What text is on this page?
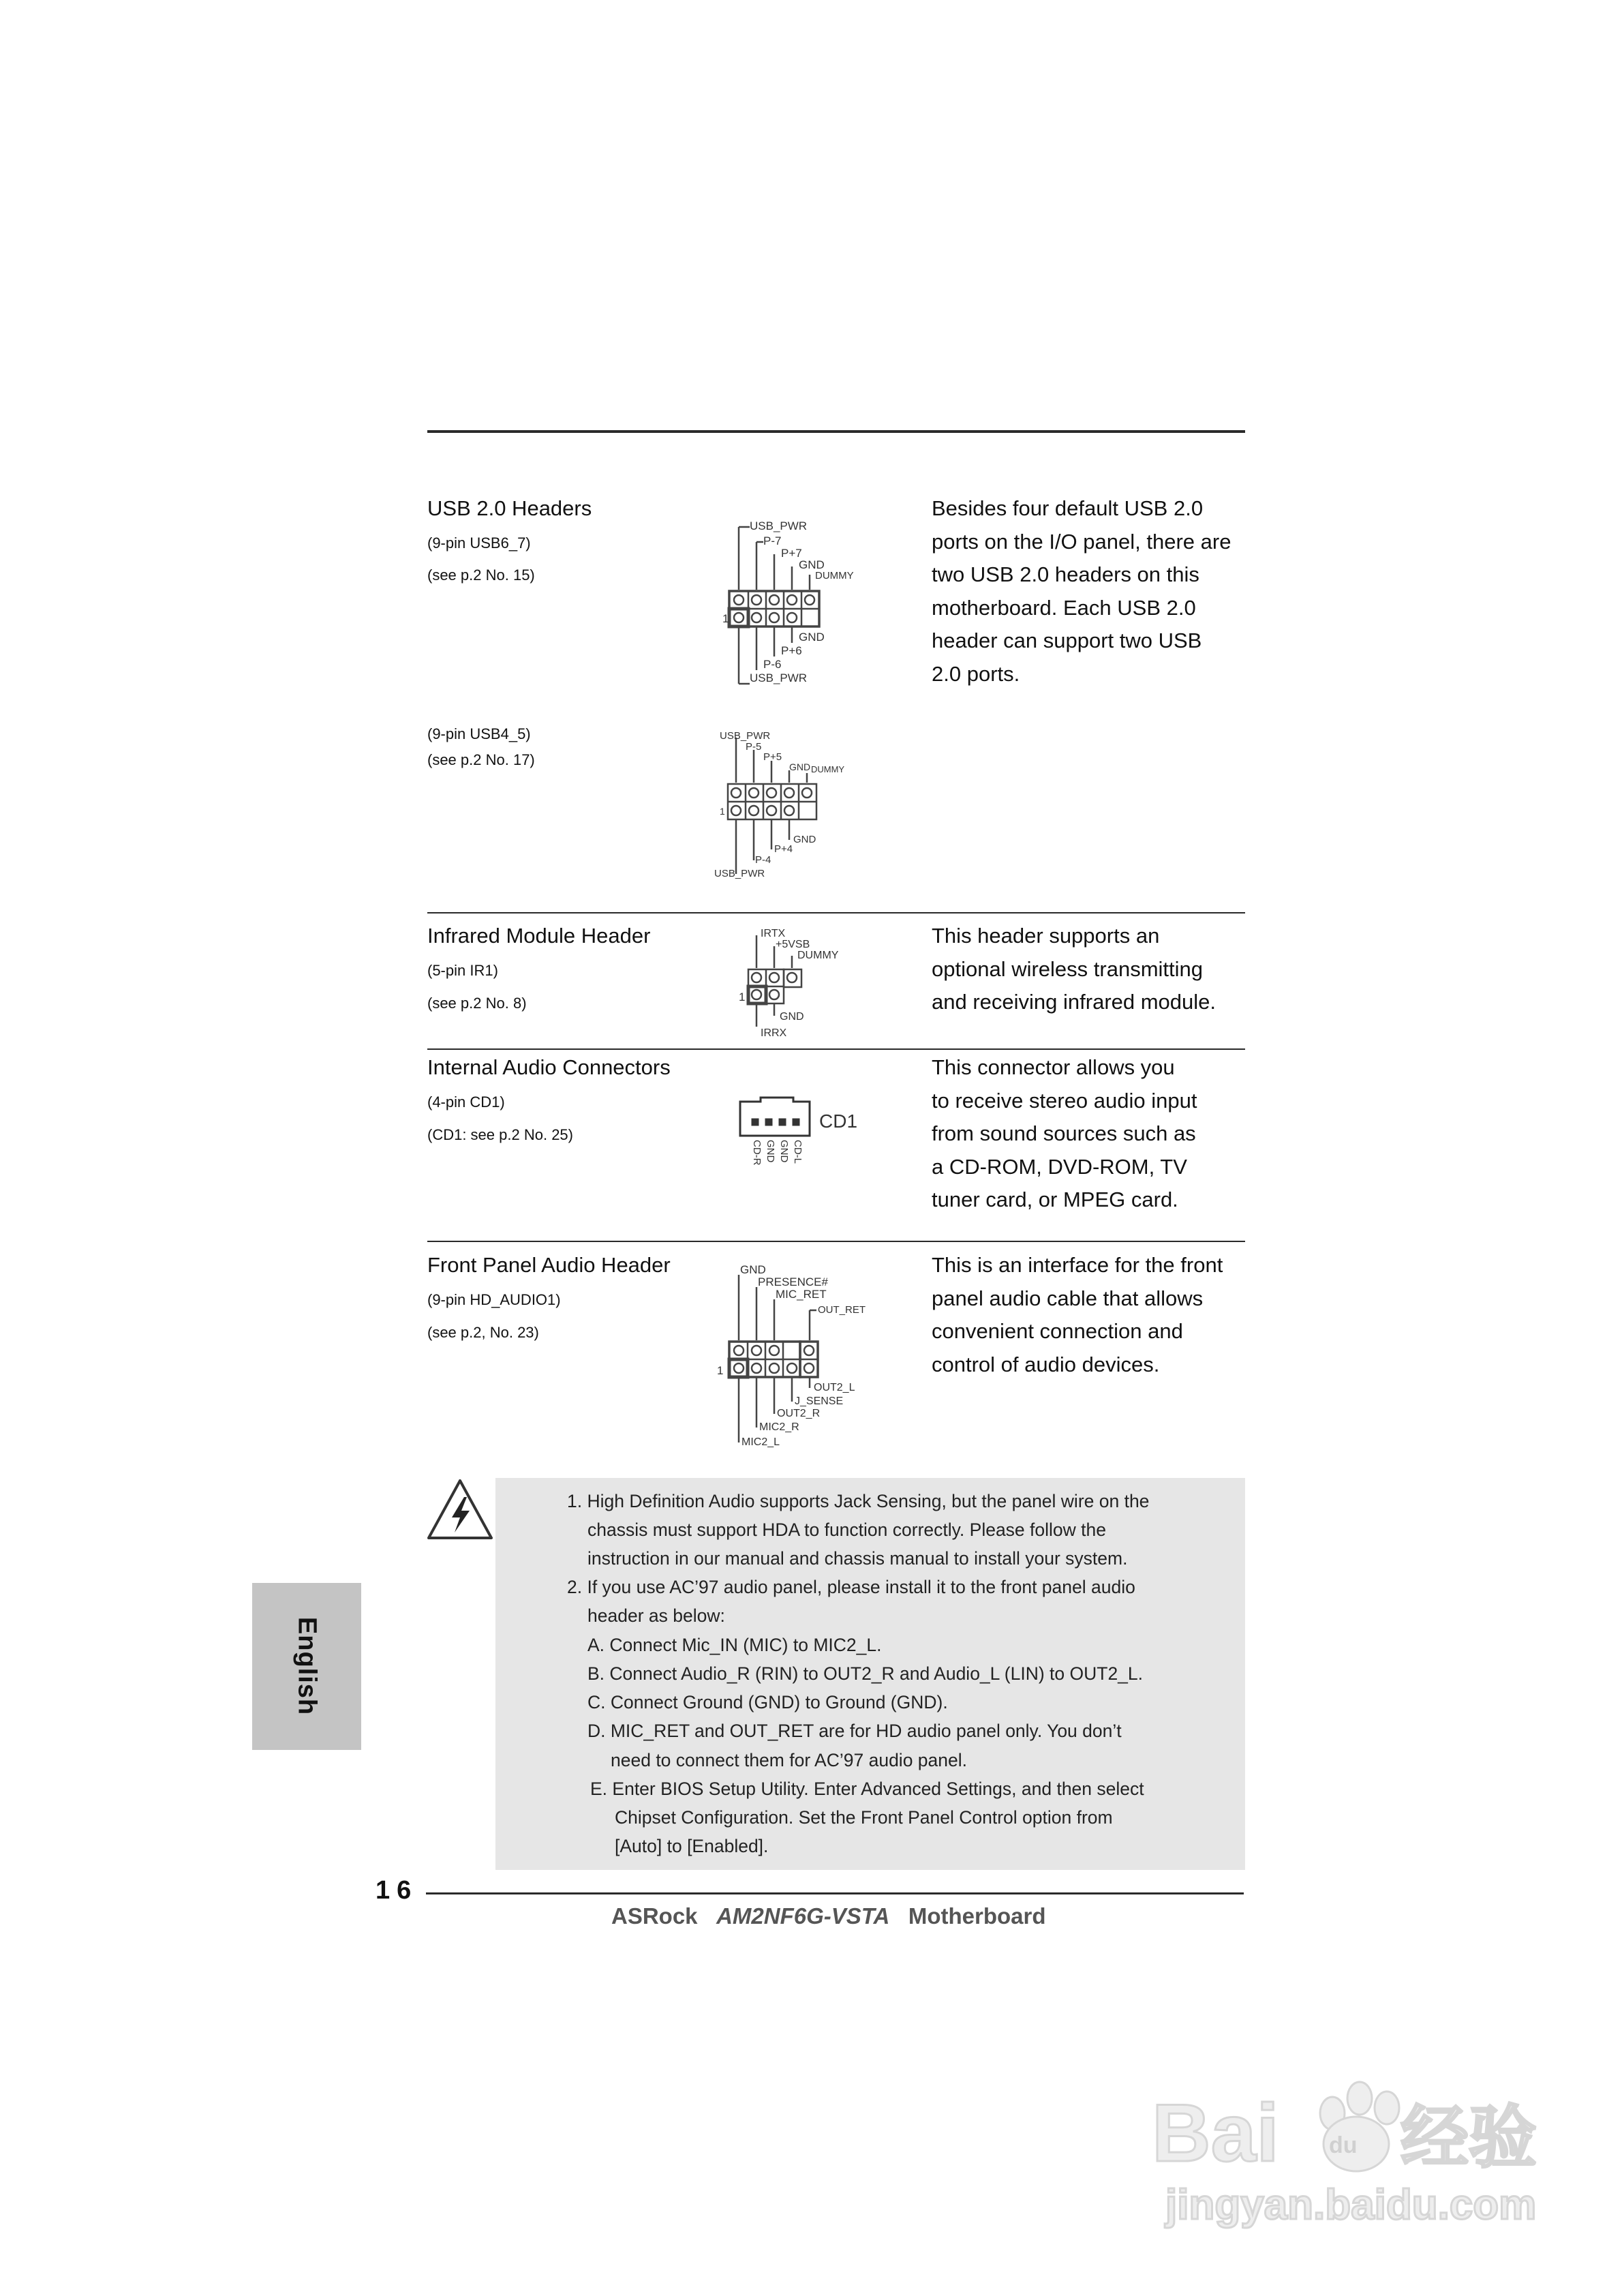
USB 2.0 Headers
(9-pin USB6_7)
(see p.2 No. 15)
Besides four default USB 2.0
ports on the I/O panel, there are
two USB 2.0 headers on this
motherboard. Each USB 2.0
header can support two USB
2.0 ports.
USB_PWR
P-7
P+7
GND
DUMMY
GND
P+6
P-6
USB_PWR
1
(9-pin USB4_5)
(see p.2 No. 17)
USB_PWR
P-5
P+5
GND DUMMY
GND
P+4
P-4
USB_PWR
1
Infrared Module Header
(5-pin IR1)
(see p.2 No. 8)
This header supports an
optional wireless transmitting
and receiving infrared module.
IRTX
+5VSB
DUMMY
GND
IRRX
1
Internal Audio Connectors
(4-pin CD1)
(CD1: see p.2 No. 25)
This connector allows you
to receive stereo audio input
from sound sources such as
a CD-ROM, DVD-ROM, TV
tuner card, or MPEG card.
CD1
CD-R GND GND CD-L
Front Panel Audio Header
(9-pin HD_AUDIO1)
(see p.2, No. 23)
This is an interface for the front
panel audio cable that allows
convenient connection and
control of audio devices.
GND
PRESENCE#
MIC_RET
OUT_RET
OUT2_L
J_SENSE
OUT2_R
MIC2_R
MIC2_L
1
1. High Definition Audio supports Jack Sensing, but the panel wire on the
chassis must support HDA to function correctly. Please follow the
instruction in our manual and chassis manual to install your system.
2. If you use AC’97 audio panel, please install it to the front panel audio
header as below:
A. Connect Mic_IN (MIC) to MIC2_L.
B. Connect Audio_R (RIN) to OUT2_R and Audio_L (LIN) to OUT2_L.
C. Connect Ground (GND) to Ground (GND).
D. MIC_RET and OUT_RET are for HD audio panel only. You don’t
need to connect them for AC’97 audio panel.
E. Enter BIOS Setup Utility. Enter Advanced Settings, and then select
Chipset Configuration. Set the Front Panel Control option from
[Auto] to [Enabled].
English
16
ASRock AM2NF6G-VSTA Motherboard
Bai 经验
jingyan.baidu.com
du
